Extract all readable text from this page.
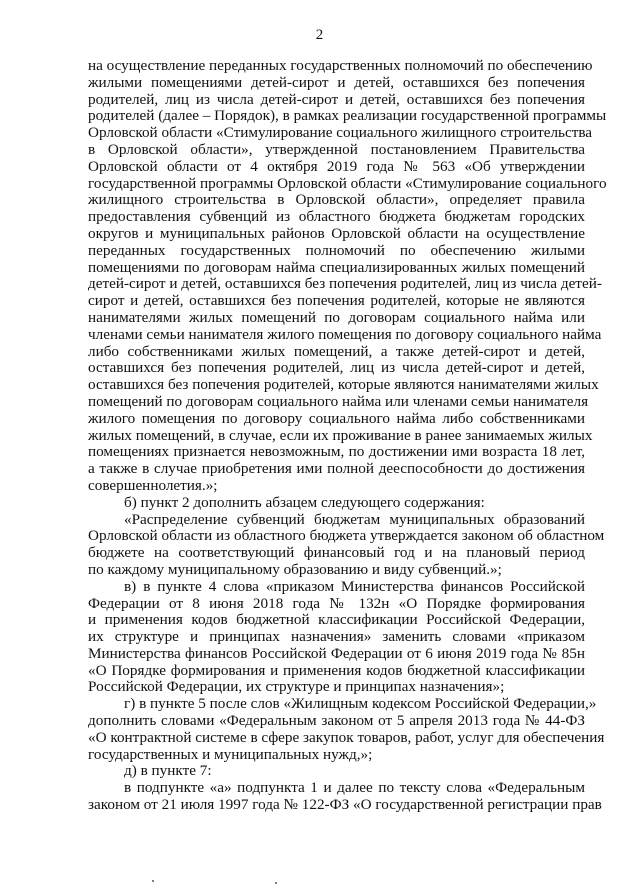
2
на осуществление переданных государственных полномочий по обеспечению
жилыми помещениями детей-сирот и детей, оставшихся без попечения
родителей, лиц из числа детей-сирот и детей, оставшихся без попечения
родителей (далее – Порядок), в рамках реализации государственной программы
Орловской области «Стимулирование социального жилищного строительства
в Орловской области», утвержденной постановлением Правительства
Орловской области от 4 октября 2019 года № 563 «Об утверждении
государственной программы Орловской области «Стимулирование социального
жилищного строительства в Орловской области», определяет правила
предоставления субвенций из областного бюджета бюджетам городских
округов и муниципальных районов Орловской области на осуществление
переданных государственных полномочий по обеспечению жилыми
помещениями по договорам найма специализированных жилых помещений
детей-сирот и детей, оставшихся без попечения родителей, лиц из числа детей-
сирот и детей, оставшихся без попечения родителей, которые не являются
нанимателями жилых помещений по договорам социального найма или
членами семьи нанимателя жилого помещения по договору социального найма
либо собственниками жилых помещений, а также детей-сирот и детей,
оставшихся без попечения родителей, лиц из числа детей-сирот и детей,
оставшихся без попечения родителей, которые являются нанимателями жилых
помещений по договорам социального найма или членами семьи нанимателя
жилого помещения по договору социального найма либо собственниками
жилых помещений, в случае, если их проживание в ранее занимаемых жилых
помещениях признается невозможным, по достижении ими возраста 18 лет,
а также в случае приобретения ими полной дееспособности до достижения
совершеннолетия.»;
б) пункт 2 дополнить абзацем следующего содержания:
«Распределение субвенций бюджетам муниципальных образований
Орловской области из областного бюджета утверждается законом об областном
бюджете на соответствующий финансовый год и на плановый период
по каждому муниципальному образованию и виду субвенций.»;
в) в пункте 4 слова «приказом Министерства финансов Российской
Федерации от 8 июня 2018 года № 132н «О Порядке формирования
и применения кодов бюджетной классификации Российской Федерации,
их структуре и принципах назначения» заменить словами «приказом
Министерства финансов Российской Федерации от 6 июня 2019 года № 85н
«О Порядке формирования и применения кодов бюджетной классификации
Российской Федерации, их структуре и принципах назначения»;
г) в пункте 5 после слов «Жилищным кодексом Российской Федерации,»
дополнить словами «Федеральным законом от 5 апреля 2013 года № 44-ФЗ
«О контрактной системе в сфере закупок товаров, работ, услуг для обеспечения
государственных и муниципальных нужд,»;
д) в пункте 7:
в подпункте «а» подпункта 1 и далее по тексту слова «Федеральным
законом от 21 июля 1997 года № 122-ФЗ «О государственной регистрации прав
